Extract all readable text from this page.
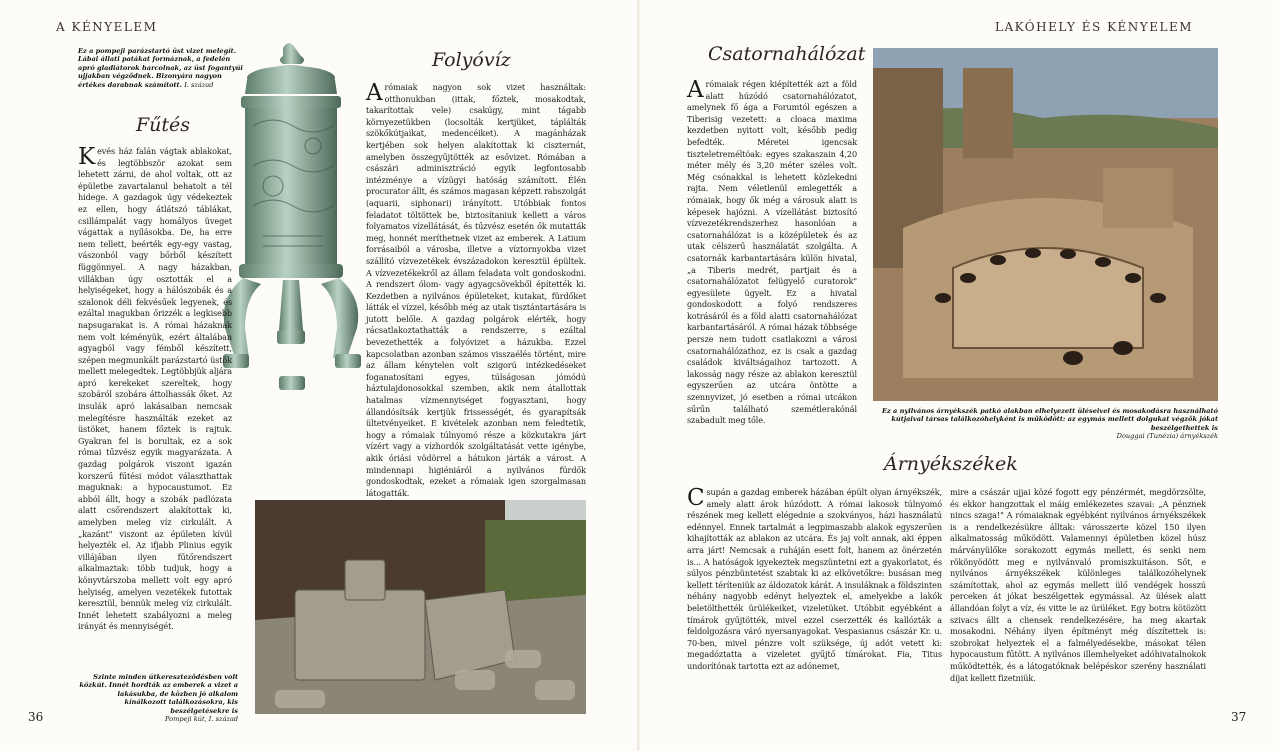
A KÉNYELEM
Ez a pompeji parázstartó üst vizet melegít. Lábai állati patákat formáznak, a fedelén apró gladiátorok harcolnak, az üst fogantyúi ujjakban végződnek. Bizonyára nagyon értékes darabnak számított. I. század
Fűtés
K evés ház falán vágtak ablakokat, és legtöbbször azokat sem lehetett zárni, de ahol voltak, ott az épületbe zavartalanul behatolt a tél hidege. A gazdagok úgy védekeztek ez ellen, hogy átlátszó táblákat, csillámpalát vagy homályos üveget vágattak a nyílásokba. De, ha erre nem tellett, beérték egy-egy vastag, vászonból vagy bőrből készített függönnyel. A nagy házakban, villákban úgy osztották el a helyiségeket, hogy a hálószobák és a szalonok déli fekvésűek legyenek, és ezáltal magukban őrizzék a legkisebb napsugarakat is. A római házaknak nem volt kéményük, ezért általában agyagból vagy fémből készített, szépen megmunkált parázstartó üstök mellett melegedtek. Legtöbbjük aljára apró kerekeket szereltek, hogy szobáról szobára áttolhassák őket. Az insulák apró lakásaiban nemcsak melegítésre használták ezeket az üstöket, hanem főztek is rajtuk. Gyakran fel is borultak, ez a sok római tűzvész egyik magyarázata. A gazdag polgárok viszont igazán korszerű fűtési módot választhattak maguknak: a hypocaustumot. Ez abból állt, hogy a szobák padlózata alatt csőrendszert alakítottak ki, amelyben meleg víz cirkulált. A „kazánt" viszont az épületen kívül helyezték el. Az ifjabb Plinius egyik villájában ilyen fűtőrendszert alkalmaztak: több tudjuk, hogy a könyvtárszoba mellett volt egy apró helyiség, amelyen vezetékek futottak keresztül, bennük meleg víz cirkulált. Innét lehetett szabályozni a meleg irányát és mennyiségét.

Folyóvíz
A rómaiak nagyon sok vizet használtak: otthonukban (ittak, főztek, mosakodtak, takarítottak vele) csakúgy, mint tágabb környezetükben (locsolták kertjüket, táplálták szökőkútjaikat, medencéiket). A magánházak kertjében sok helyen alakítottak ki ciszternát, amelyben összegyűjtötték az esővizet. Rómában a császári adminisztráció egyik legfontosabb intézménye a vízügyi hatóság számított. Élén procurator állt, és számos magasan képzett rabszolgát (aquarii, siphonari) irányított. Utóbbiak fontos feladatot töltöttek be, biztosítaniuk kellett a város folyamatos vízellátását, és tűzvész esetén ők mutatták meg, honnét meríthetnek vizet az emberek. A Latium forrásaiból a városba, illetve a víztornyokba vizet szállító vízvezetékek évszázadokon keresztül épültek. A vízvezetékekről az állam feladata volt gondoskodni. A rendszert ólom- vagy agyagcsövekből építették ki. Kezdetben a nyilvános épületeket, kutakat, fürdőket látták el vízzel, később még az utak tisztántartására is jutott belőle. A gazdag polgárok elérték, hogy rácsatlakoztathatták a rendszerre, s ezáltal bevezethették a folyóvizet a házukba. Ezzel kapcsolatban azonban számos visszaélés történt, mire az állam kénytelen volt szigorú intézkedéseket foganatosítani egyes, túlságosan jómódú háztulajdonosokkal szemben, akik nem átallottak hatalmas vízmennyiséget fogyasztani, hogy állandósítsák kertjük frissességét, és gyarapítsák ültetvényeiket. E kivételek azonban nem feledtetik, hogy a rómaiak túlnyomó része a közkutakra járt vízért vagy a vízhordók szolgáltatását vette igénybe, akik óriási vödörrel a hátukon járták a várost. A mindennapi higiéniáról a nyilvános fürdők gondoskodtak, ezeket a rómaiak igen szorgalmasan látogatták.

Szinte minden útkereszteződésben volt közkút. Innét hordták az emberek a vizet a lakásukba, de közben jó alkalom kínálkozott találkozásokra, kis beszélgetésekre is
Pompeji kút, I. század
36
LAKÓHELY ÉS KÉNYELEM
Csatornahálózat
A rómaiak régen kiépítették azt a föld alatt húzódó csatornahálózatot, amelynek fő ága a Forumtól egészen a Tiberisig vezetett: a cloaca maxima kezdetben nyitott volt, később pedig befedték. Méretei igencsak tiszteletreméltóak: egyes szakaszain 4,20 méter mély és 3,20 méter széles volt. Még csónakkal is lehetett közlekedni rajta. Nem véletlenül emlegették a rómaiak, hogy ők még a városuk alatt is képesek hajózni. A vízellátást biztosító vízvezetékrendszerhez hasonlóan a csatornahálózat is a középületek és az utak célszerű használatát szolgálta. A csatornák karbantartására külön hivatal, „a Tiberis medrét, partjait és a csatornahálózatot felügyelő curatorok" egyesülete ügyelt. Ez a hivatal gondoskodott a folyó rendszeres kotrásáról és a föld alatti csatornahálózat karbantartásáról. A római házak többsége persze nem tudott csatlakozni a városi csatornahálózathoz, ez is csak a gazdag családok kiváltságaihoz tartozott. A lakosság nagy része az ablakon keresztül egyszerűen az utcára öntötte a szennyvizet, jó esetben a római utcákon sűrűn található szemétlerakónál szabadult meg tőle.

Ez a nyilvános árnyékszék patkó alakban elhelyezett üléseivel és mosakodásra használható kútjaival társas találkozóhelyként is működött: az egymás mellett dolgukat végzők jókat beszélgethettek is
Douggai (Tunézia) árnyékszék
Árnyékszékek
C supán a gazdag emberek házában épült olyan árnyékszék, amely alatt árok húzódott. A római lakosok túlnyomó részének meg kellett elégednie a szokványos, házi használatú edénnyel. Ennek tartalmát a legpimaszabb alakok egyszerűen kihajították az ablakon az utcára. És jaj volt annak, aki éppen arra járt! Nemcsak a ruháján esett folt, hanem az önérzetén is... A hatóságok igyekeztek megszüntetni ezt a gyakorlatot, és súlyos pénzbüntetést szabtak ki az elkövetőkre: busásan meg kellett téríteniük az áldozatok kárát. A insuláknak a földszinten néhány nagyobb edényt helyeztek el, amelyekbe a lakók beletölthették ürülékeiket, vizeletüket. Utóbbit egyébként a tímárok gyűjtötték, mivel ezzel cserzették és kallózták a feldolgozásra váró nyersanyagokat. Vespasianus császár Kr. u. 70-ben, mivel pénzre volt szüksége, új adót vetett ki: megadóztatta a vizeletet gyűjtő tímárokat. Fia, Titus undorítónak tartotta ezt az adónemet,

mire a császár ujjai közé fogott egy pénzérmét, megdörzsölte, és ekkor hangzottak el máig emlékezetes szavai: „A pénznek nincs szaga!" A rómaiaknak egyébként nyilvános árnyékszékek is a rendelkezésükre álltak: városszerte közel 150 ilyen alkalmatosság működött. Valamennyi épületben közel húsz márványülőke sorakozott egymás mellett, és senki nem rökönyödött meg e nyilvánvaló promiszkuitáson. Sőt, e nyilvános árnyékszékek különleges találkozóhelynek számítottak, ahol az egymás mellett ülő vendégek hosszú perceken át jókat beszélgettek egymással. Az ülések alatt állandóan folyt a víz, és vitte le az ürüléket. Egy botra kötözött szivacs állt a cliensek rendelkezésére, ha meg akartak mosakodni. Néhány ilyen építményt még díszítettek is: szobrokat helyeztek el a falmélyedésekbe, másokat télen hypocaustum fűtött. A nyilvános illemhelyeket adóhivatalnokok működtették, és a látogatóknak belépéskor szerény használati díjat kellett fizetniük.

37
